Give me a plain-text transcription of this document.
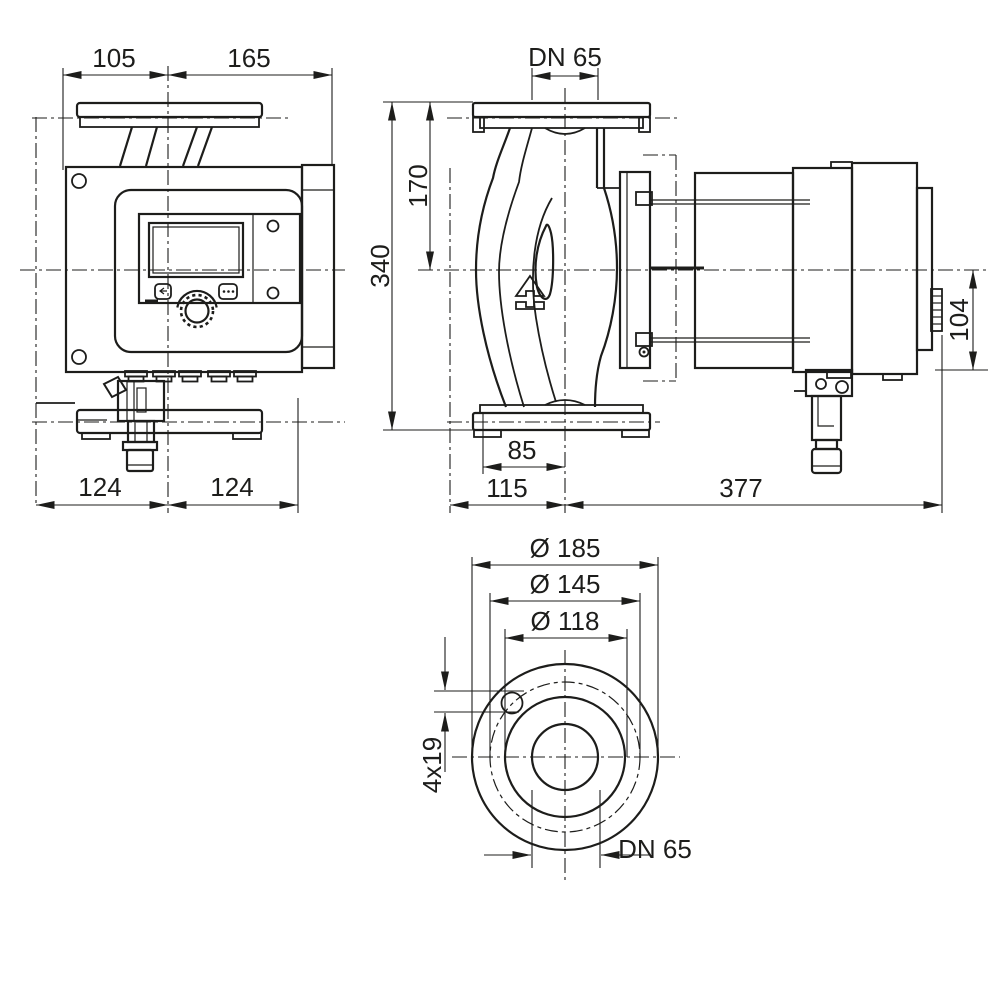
105	165
124	124
DN 65
340
170
104
85
115	377
Ø 185
Ø 145
Ø 118
4x19
DN 65
